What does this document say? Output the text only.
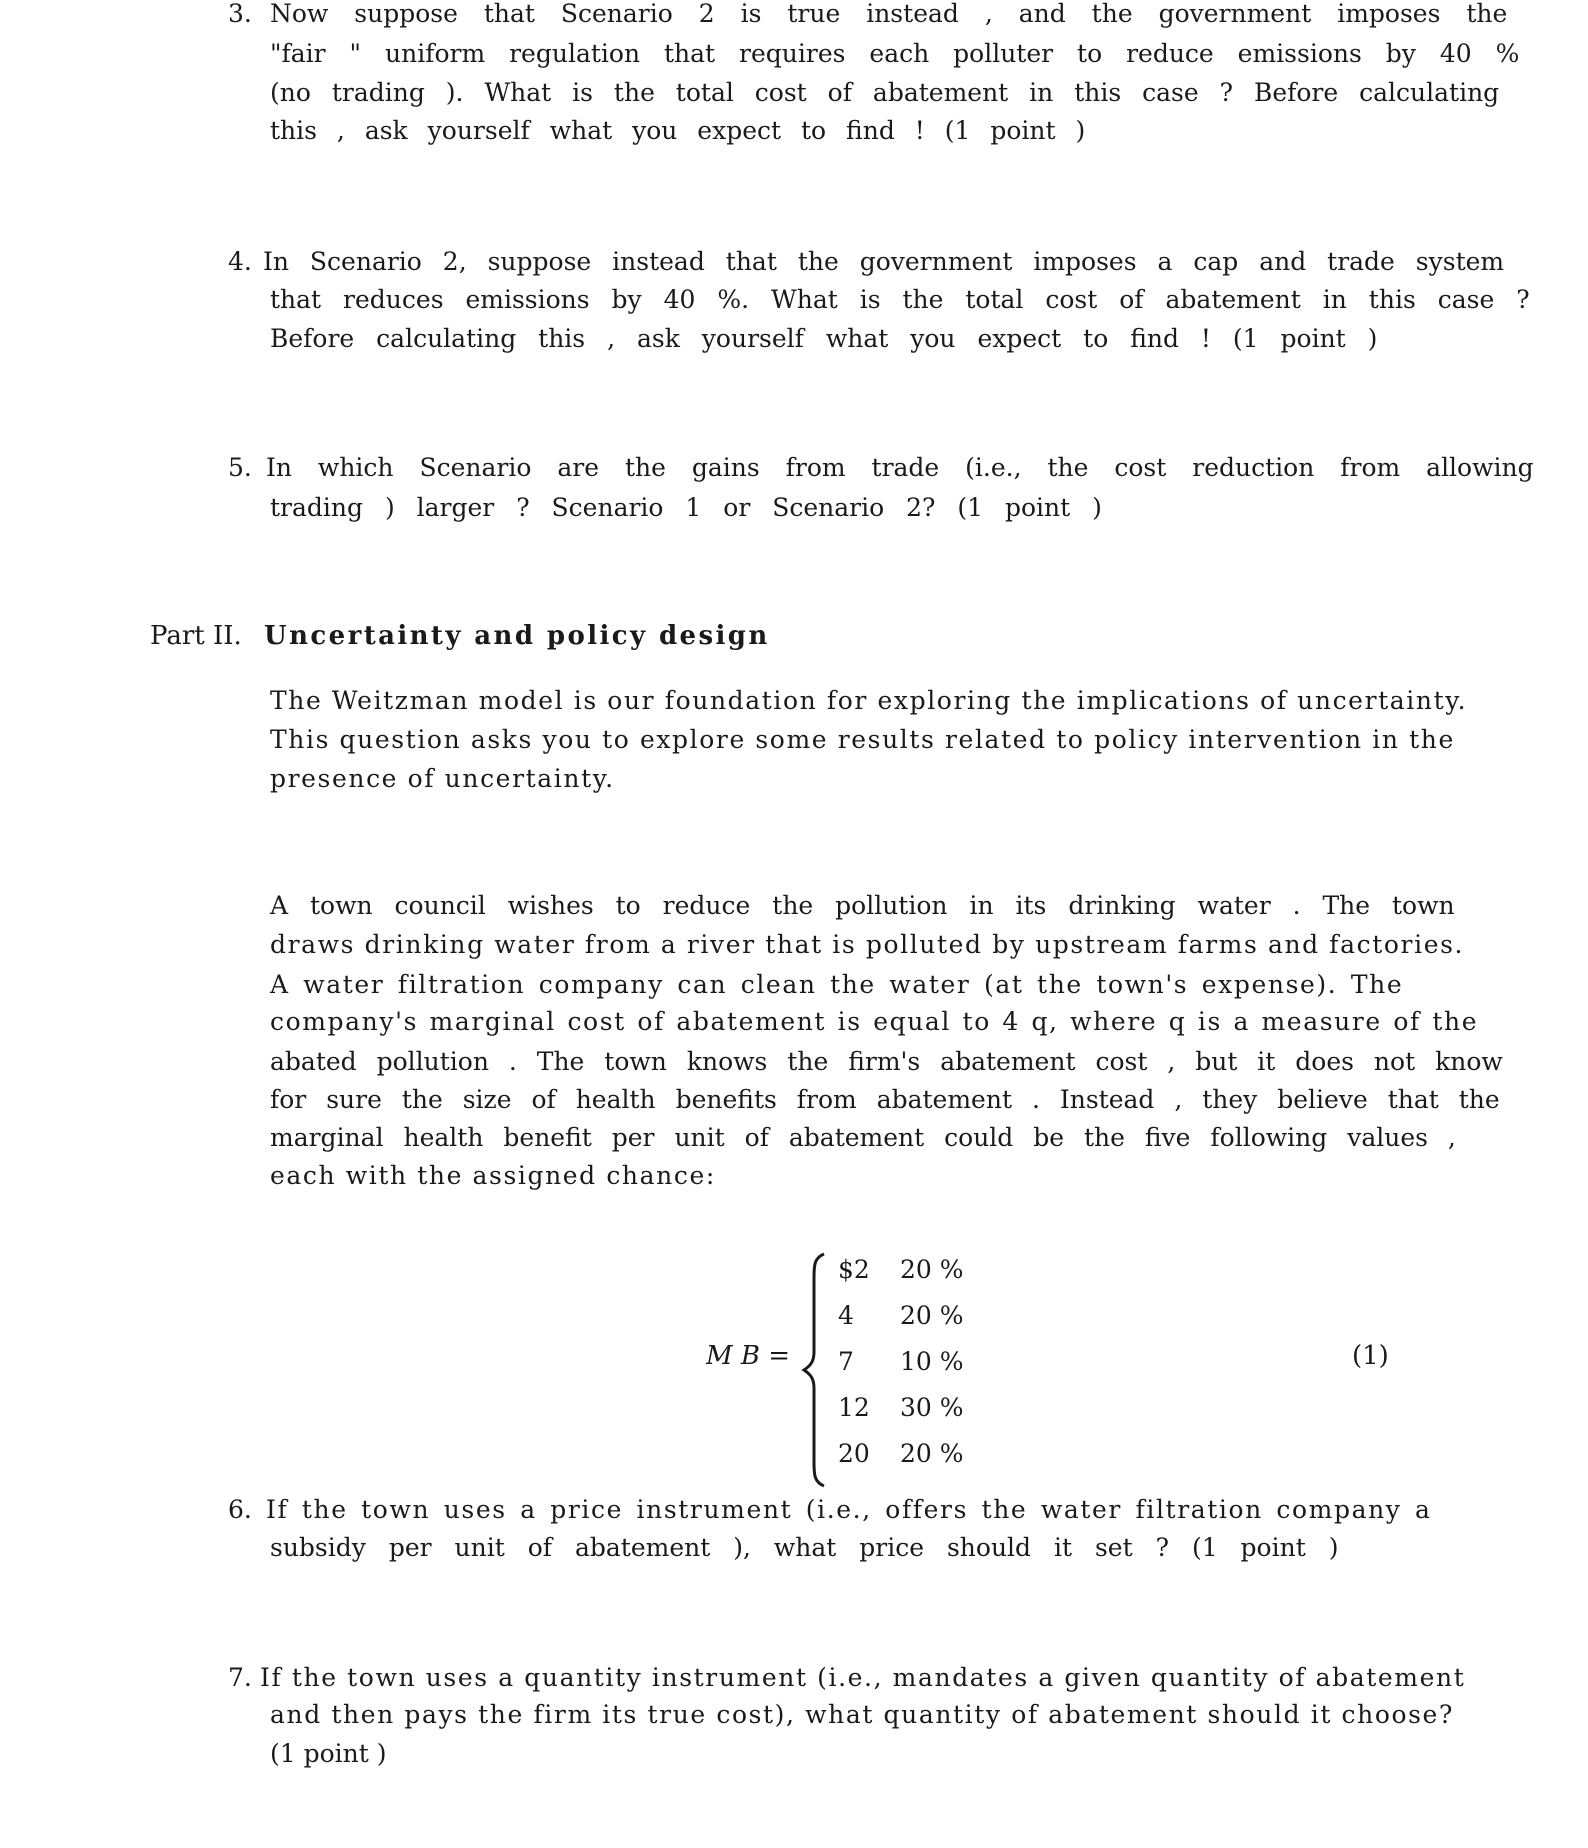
3. Now suppose that Scenario 2 is true instead , and the government imposes the
"fair " uniform regulation that requires each polluter to reduce emissions by 40 %
(no trading ). What is the total cost of abatement in this case ? Before calculating
this , ask yourself what you expect to find ! (1 point )
4. In Scenario 2, suppose instead that the government imposes a cap and trade system
that reduces emissions by 40 %. What is the total cost of abatement in this case ?
Before calculating this , ask yourself what you expect to find ! (1 point )
5. In which Scenario are the gains from trade (i.e., the cost reduction from allowing
trading ) larger ? Scenario 1 or Scenario 2? (1 point )
Part II. Uncertainty and policy design
The Weitzman model is our foundation for exploring the implications of uncertainty.
This question asks you to explore some results related to policy intervention in the
presence of uncertainty.
A town council wishes to reduce the pollution in its drinking water . The town
draws drinking water from a river that is polluted by upstream farms and factories.
A water filtration company can clean the water (at the town's expense). The
company's marginal cost of abatement is equal to 4 q, where q is a measure of the
abated pollution . The town knows the firm's abatement cost , but it does not know
for sure the size of health benefits from abatement . Instead , they believe that the
marginal health benefit per unit of abatement could be the five following values ,
each with the assigned chance:
M B =
$2	20 %
4	20 %
7	10 %
12	30 %
20	20 %
(1)
6. If the town uses a price instrument (i.e., offers the water filtration company a
subsidy per unit of abatement ), what price should it set ? (1 point )
7. If the town uses a quantity instrument (i.e., mandates a given quantity of abatement
and then pays the firm its true cost), what quantity of abatement should it choose?
(1 point )
